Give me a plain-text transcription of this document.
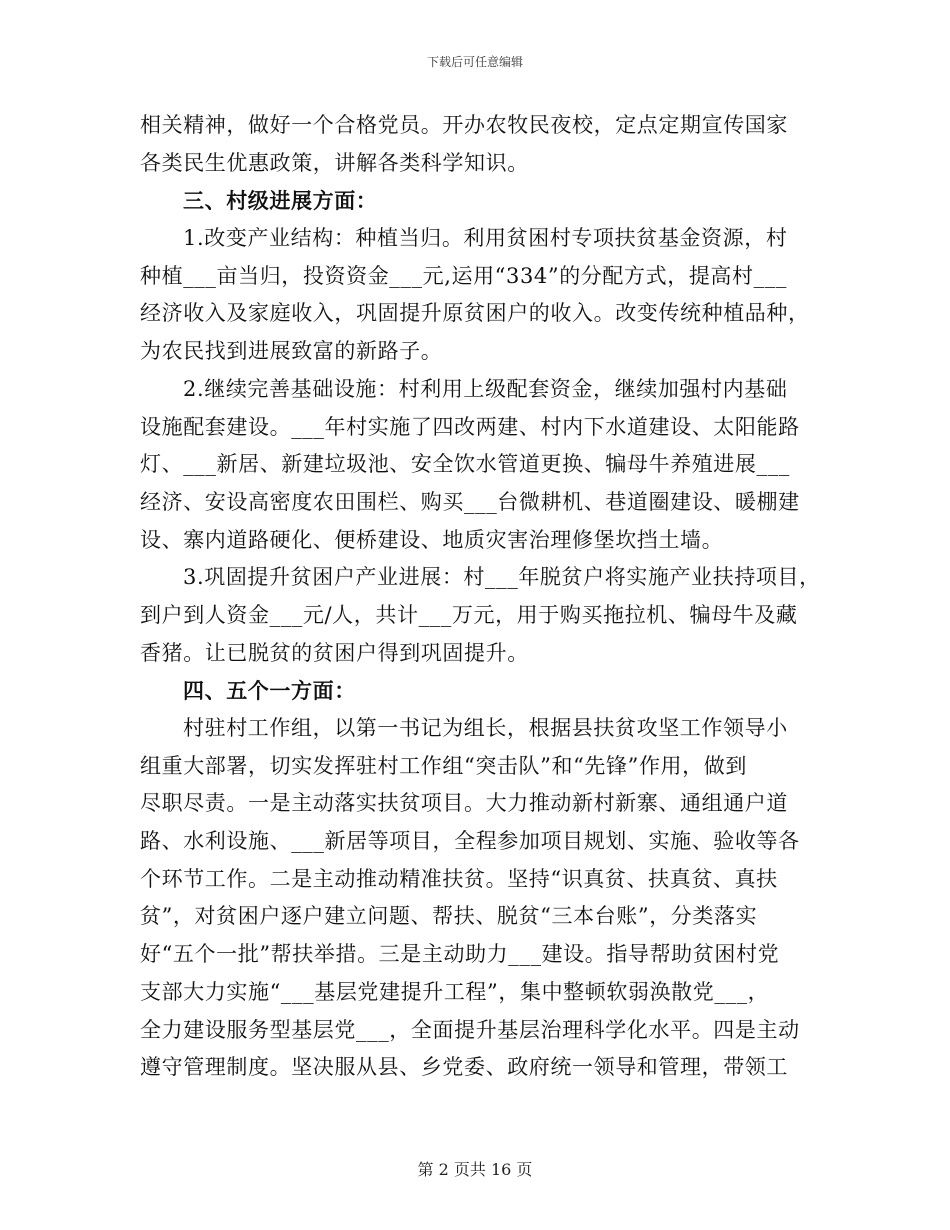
下载后可任意编辑
相关精神，做好一个合格党员。开办农牧民夜校，定点定期宣传国家
各类民生优惠政策，讲解各类科学知识。
三、村级进展方面：
1.改变产业结构：种植当归。利用贫困村专项扶贫基金资源，村
种植___亩当归，投资资金___元,运用“334”的分配方式，提高村___
经济收入及家庭收入，巩固提升原贫困户的收入。改变传统种植品种，
为农民找到进展致富的新路子。
2.继续完善基础设施：村利用上级配套资金，继续加强村内基础
设施配套建设。___年村实施了四改两建、村内下水道建设、太阳能路
灯、___新居、新建垃圾池、安全饮水管道更换、犏母牛养殖进展___
经济、安设高密度农田围栏、购买___台微耕机、巷道圈建设、暖棚建
设、寨内道路硬化、便桥建设、地质灾害治理修堡坎挡土墙。
3.巩固提升贫困户产业进展：村___年脱贫户将实施产业扶持项目，
到户到人资金___元/人，共计___万元，用于购买拖拉机、犏母牛及藏
香猪。让已脱贫的贫困户得到巩固提升。
四、五个一方面：
村驻村工作组，以第一书记为组长，根据县扶贫攻坚工作领导小
组重大部署，切实发挥驻村工作组“突击队”和“先锋”作用，做到
尽职尽责。一是主动落实扶贫项目。大力推动新村新寨、通组通户道
路、水利设施、___新居等项目，全程参加项目规划、实施、验收等各
个环节工作。二是主动推动精准扶贫。坚持“识真贫、扶真贫、真扶
贫”，对贫困户逐户建立问题、帮扶、脱贫“三本台账”，分类落实
好“五个一批”帮扶举措。三是主动助力___建设。指导帮助贫困村党
支部大力实施“___基层党建提升工程”，集中整顿软弱涣散党___，
全力建设服务型基层党___，全面提升基层治理科学化水平。四是主动
遵守管理制度。坚决服从县、乡党委、政府统一领导和管理，带领工
第 2 页共 16 页
